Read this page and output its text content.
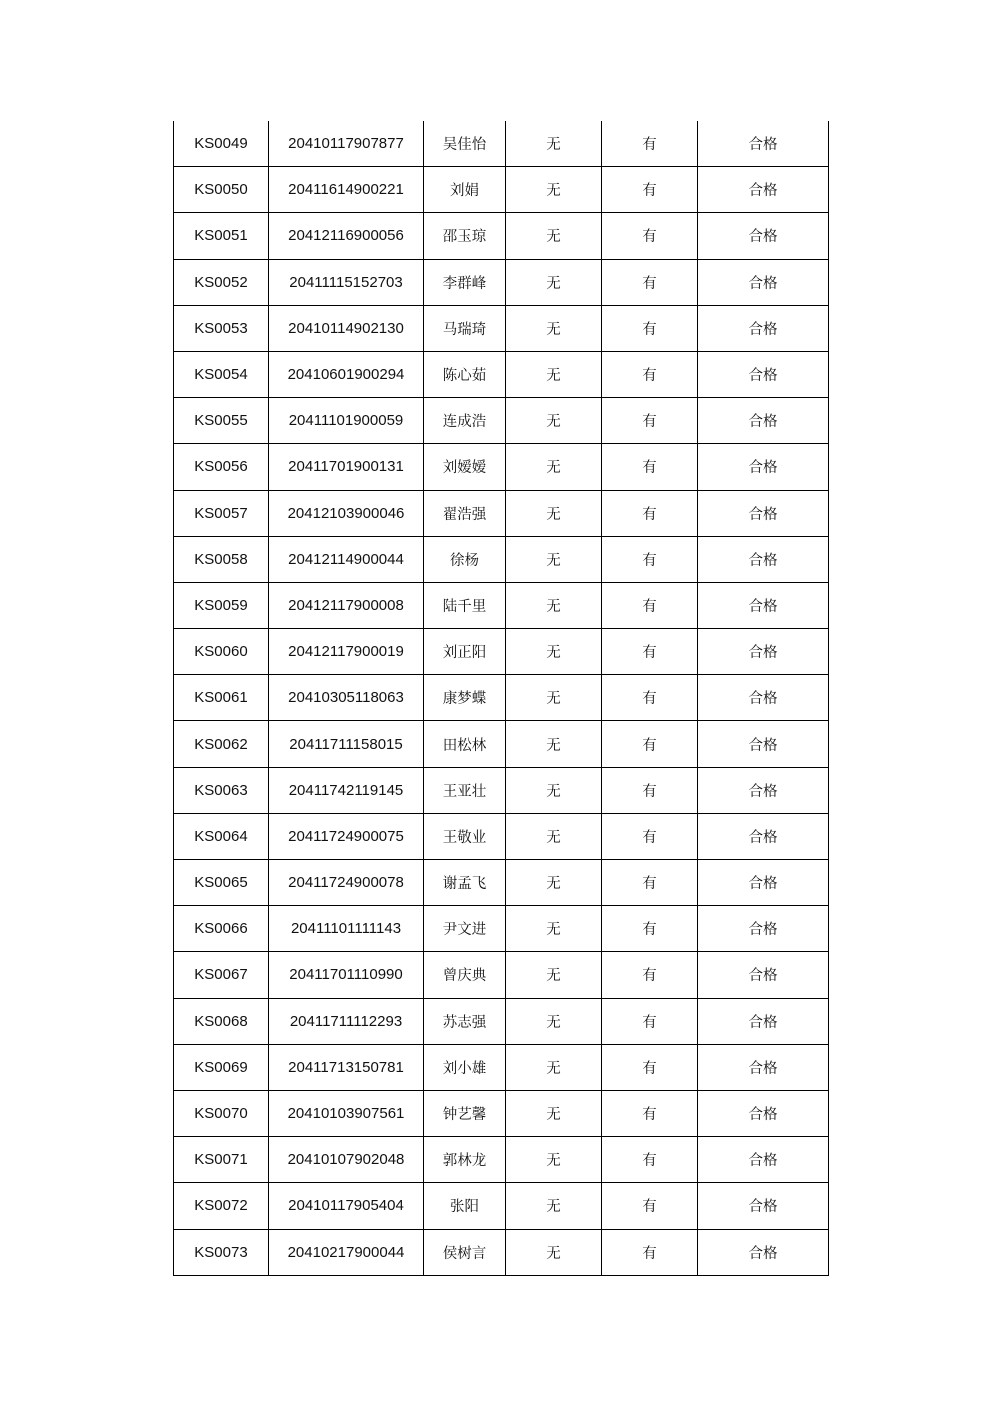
KS0049	20410117907877	吴佳怡	无	有	合格
KS0050	20411614900221	刘娟	无	有	合格
KS0051	20412116900056	邵玉琼	无	有	合格
KS0052	20411115152703	李群峰	无	有	合格
KS0053	20410114902130	马瑞琦	无	有	合格
KS0054	20410601900294	陈心茹	无	有	合格
KS0055	20411101900059	连成浩	无	有	合格
KS0056	20411701900131	刘嫒嫒	无	有	合格
KS0057	20412103900046	翟浩强	无	有	合格
KS0058	20412114900044	徐杨	无	有	合格
KS0059	20412117900008	陆千里	无	有	合格
KS0060	20412117900019	刘正阳	无	有	合格
KS0061	20410305118063	康梦蝶	无	有	合格
KS0062	20411711158015	田松林	无	有	合格
KS0063	20411742119145	王亚壮	无	有	合格
KS0064	20411724900075	王敬业	无	有	合格
KS0065	20411724900078	谢孟飞	无	有	合格
KS0066	20411101111143	尹文进	无	有	合格
KS0067	20411701110990	曾庆典	无	有	合格
KS0068	20411711112293	苏志强	无	有	合格
KS0069	20411713150781	刘小雄	无	有	合格
KS0070	20410103907561	钟艺馨	无	有	合格
KS0071	20410107902048	郭林龙	无	有	合格
KS0072	20410117905404	张阳	无	有	合格
KS0073	20410217900044	侯树言	无	有	合格
